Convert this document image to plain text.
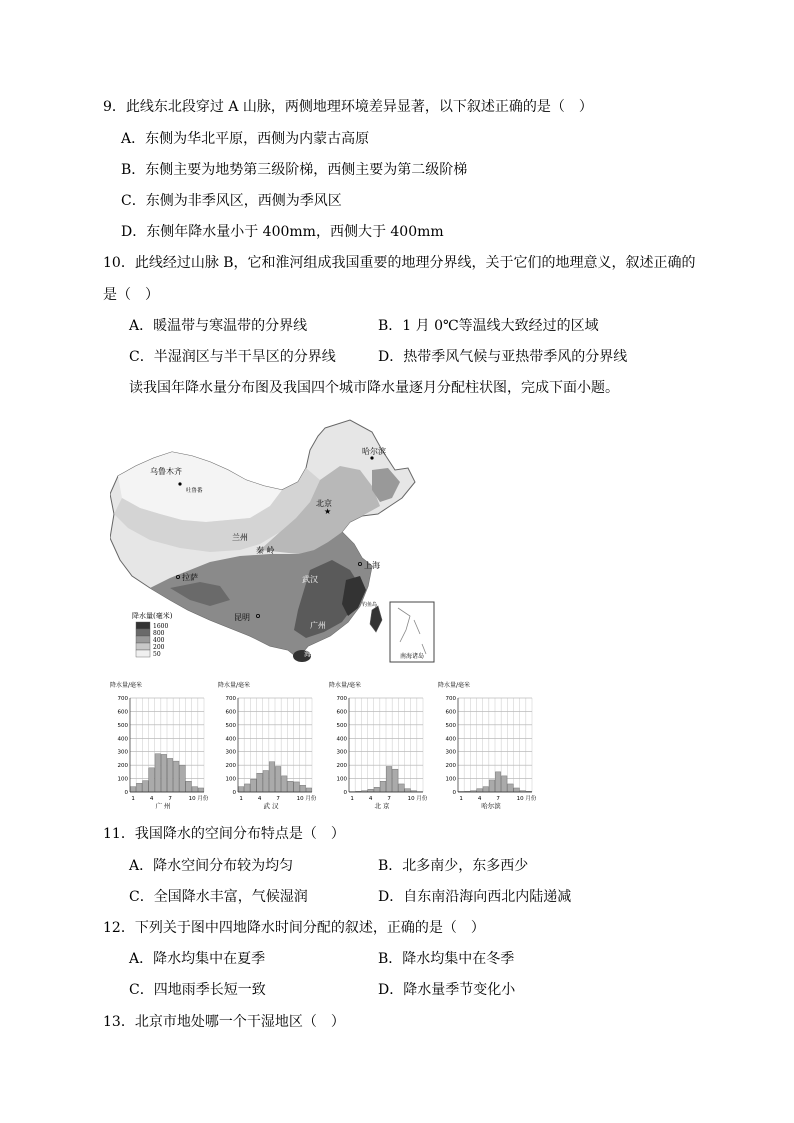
9．此线东北段穿过 A 山脉，两侧地理环境差异显著，以下叙述正确的是（　）
A．东侧为华北平原，西侧为内蒙古高原
B．东侧主要为地势第三级阶梯，西侧主要为第二级阶梯
C．东侧为非季风区，西侧为季风区
D．东侧年降水量小于 400mm，西侧大于 400mm
10．此线经过山脉 B，它和淮河组成我国重要的地理分界线，关于它们的地理意义，叙述正确的
是（　）
A．暖温带与寒温带的分界线	B．1 月 0℃等温线大致经过的区域
C．半湿润区与半干旱区的分界线	D．热带季风气候与亚热带季风的分界线
读我国年降水量分布图及我国四个城市降水量逐月分配柱状图，完成下面小题。
南海诸岛
降水量(毫米)
1600
800
400
200
50
哈尔滨
乌鲁木齐
吐鲁番
北京
★
兰州
秦 岭
上海
武汉
拉萨
昆明
广州
海口
钓鱼岛
降水量/毫米
700
600
500
400
300
200
100
0
1	4	7	10 月份
广 州
降水量/毫米
700
600
500
400
300
200
100
0
1	4	7	10 月份
武 汉
降水量/毫米
700
600
500
400
300
200
100
0
1	4	7	10 月份
北 京
降水量/毫米
700
600
500
400
300
200
100
0
1	4	7	10 月份
哈尔滨
11．我国降水的空间分布特点是（　）
A．降水空间分布较为均匀	B．北多南少，东多西少
C．全国降水丰富，气候湿润	D．自东南沿海向西北内陆递减
12．下列关于图中四地降水时间分配的叙述，正确的是（　）
A．降水均集中在夏季	B．降水均集中在冬季
C．四地雨季长短一致	D．降水量季节变化小
13．北京市地处哪一个干湿地区（　）
